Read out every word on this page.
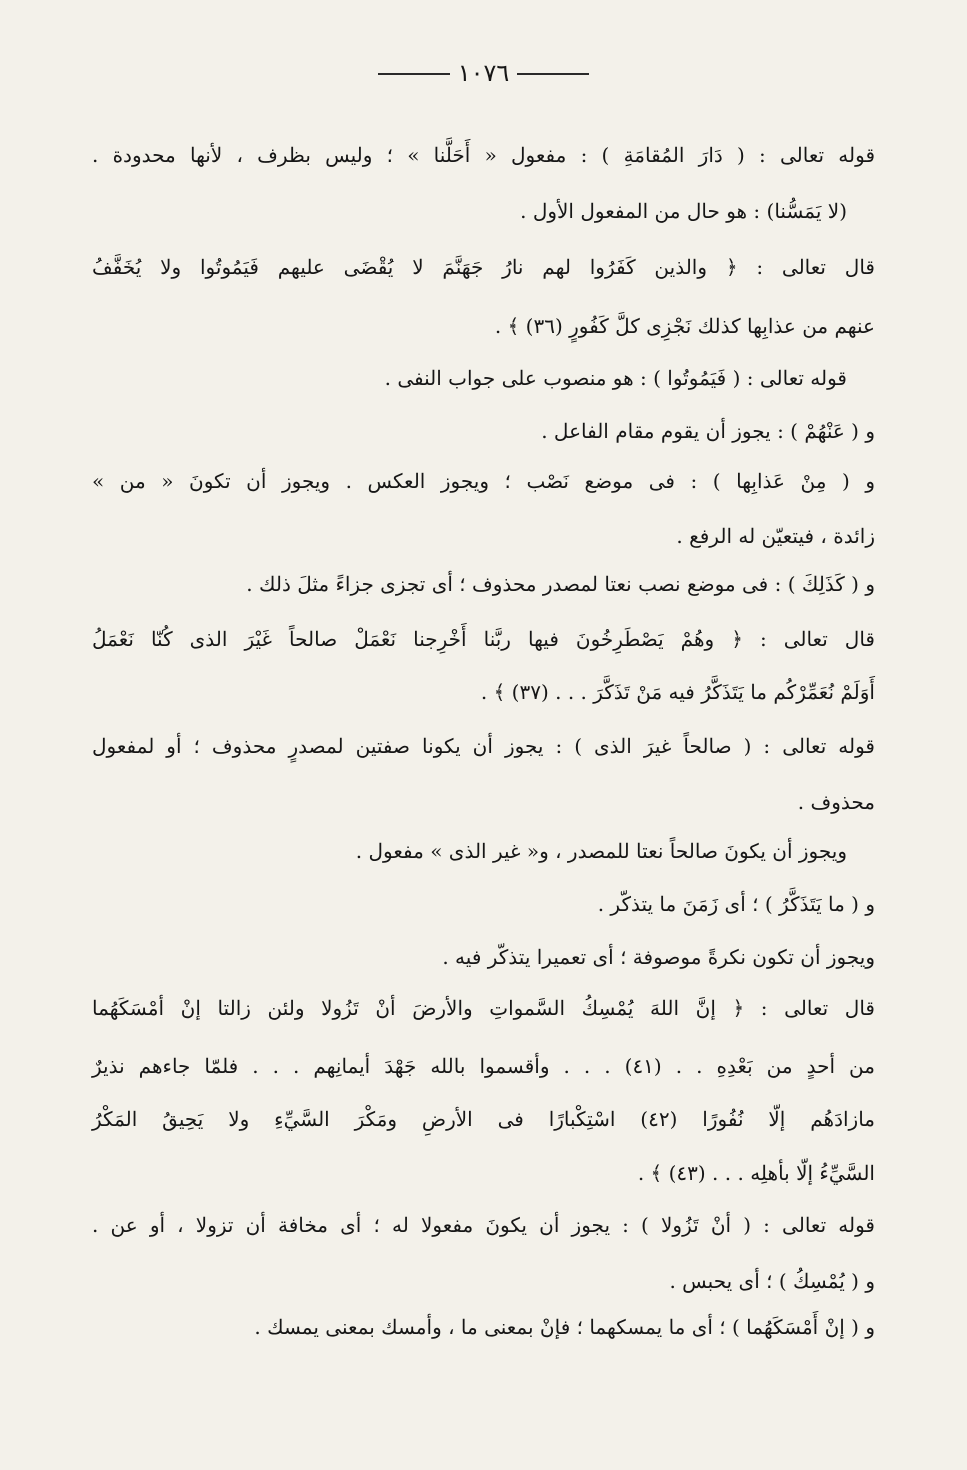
١٠٧٦

قوله تعالى : ( دَارَ المُقامَةِ ) : مفعول « أَحَلَّنا » ؛ وليس بظرف ، لأنها محدودة .

(لا يَمَسُّنا) : هو حال من المفعول الأول .

قال تعالى : ﴿ والذين كَفَرُوا لهم نارُ جَهَنَّمَ لا يُقْضَى عليهم فَيَمُوتُوا ولا يُخَفَّفُ

عنهم من عذابِها كذلك نَجْزِى كلَّ كَفُورٍ (٣٦) ﴾ .

قوله تعالى : ( فَيَمُوتُوا ) : هو منصوب على جواب النفى .

و ( عَنْهُمْ ) : يجوز أن يقوم مقام الفاعل .

و ( مِنْ عَذابِها ) : فى موضع نَصْب ؛ ويجوز العكس . ويجوز أن تكونَ « من »

زائدة ، فيتعيّن له الرفع .

و ( كَذَلِكَ ) : فى موضع نصب نعتا لمصدر محذوف ؛ أى تجزى جزاءً مثلَ ذلك .

قال تعالى : ﴿ وهُمْ يَصْطَرِخُونَ فيها ربَّنا أَخْرِجنا نَعْمَلْ صالحاً غَيْرَ الذى كُنّا نَعْمَلُ

أَوَلَمْ نُعَمِّرْكُم ما يَتَذَكَّرُ فيه مَنْ تَذَكَّرَ . . . (٣٧) ﴾ .

قوله تعالى : ( صالحاً غيرَ الذى ) : يجوز أن يكونا صفتين لمصدرٍ محذوف ؛ أو لمفعول

محذوف .

ويجوز أن يكونَ صالحاً نعتا للمصدر ، و« غير الذى » مفعول .

و ( ما يَتَذَكَّرُ ) ؛ أى زَمَنَ ما يتذكّر .

ويجوز أن تكون نكرةً موصوفة ؛ أى تعميرا يتذكّر فيه .

قال تعالى : ﴿ إنَّ اللهَ يُمْسِكُ السَّمواتِ والأرضَ أنْ تَزُولا ولئن زالتا إنْ أمْسَكَهُما

من أحدٍ من بَعْدِهِ . . (٤١) . . . وأقسموا بالله جَهْدَ أيمانِهم . . . فلمّا جاءهم نذيرٌ

مازادَهُم إلّا نُفُورًا (٤٢) اسْتِكْبارًا فى الأرضِ ومَكْرَ السَّيِّءِ ولا يَحِيقُ المَكْرُ

السَّيِّءُ إلّا بأهلِه . . . (٤٣) ﴾ .

قوله تعالى : ( أنْ تَزُولا ) : يجوز أن يكونَ مفعولا له ؛ أى مخافة أن تزولا ، أو عن .

و ( يُمْسِكُ ) ؛ أى يحبس .

و ( إنْ أَمْسَكَهُما ) ؛ أى ما يمسكهما ؛ فإنْ بمعنى ما ، وأمسك بمعنى يمسك .
